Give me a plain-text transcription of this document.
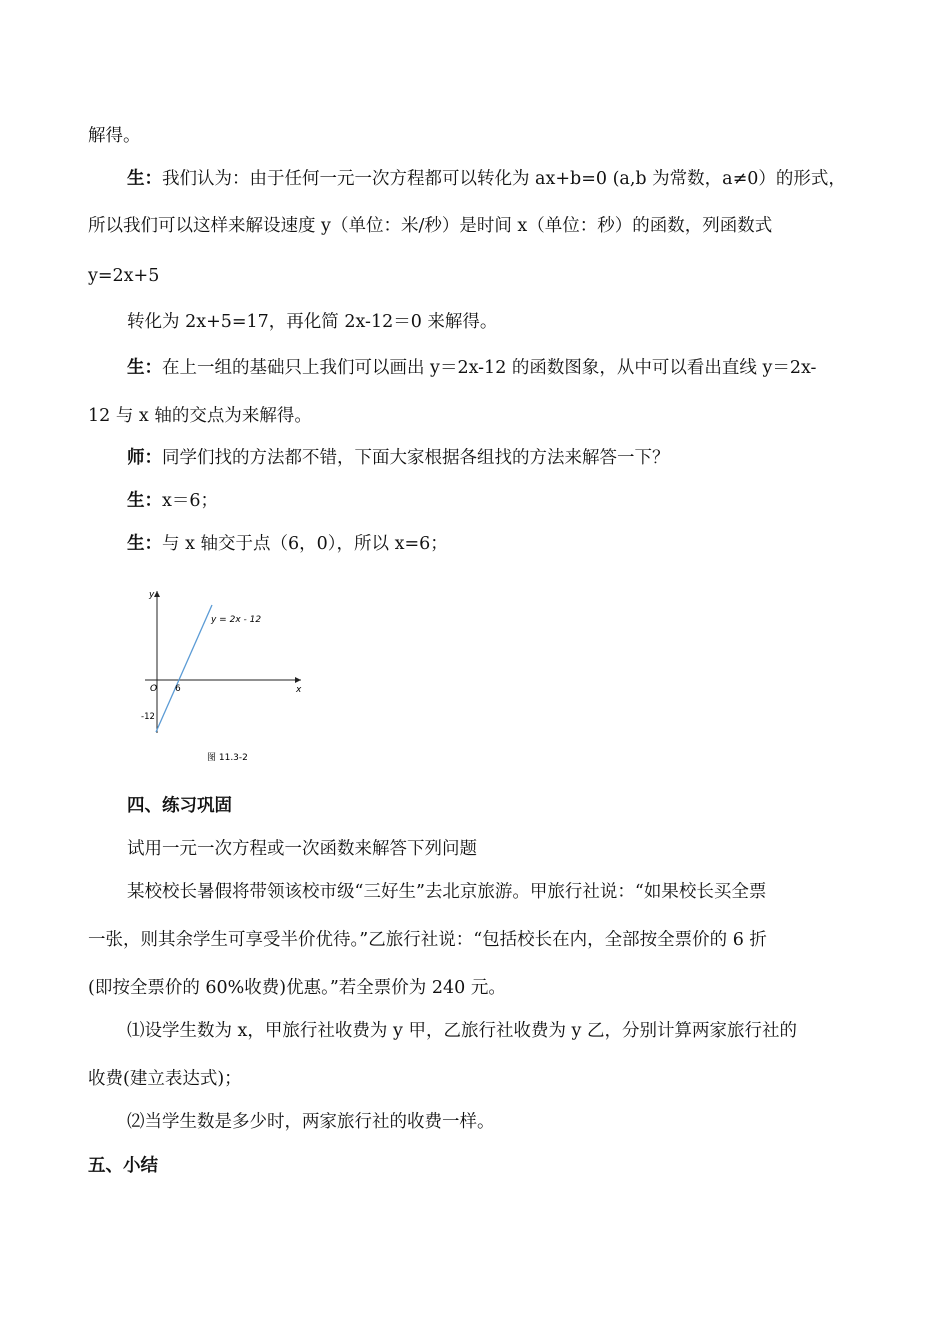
解得。
生：我们认为：由于任何一元一次方程都可以转化为 ax+b=0 (a,b 为常数，a≠0）的形式，
所以我们可以这样来解设速度 y（单位：米/秒）是时间 x（单位：秒）的函数，列函数式
y=2x+5
转化为 2x+5=17，再化简 2x-12＝0 来解得。
生：在上一组的基础只上我们可以画出 y＝2x-12 的函数图象，从中可以看出直线 y＝2x-
12 与 x 轴的交点为来解得。
师：同学们找的方法都不错，下面大家根据各组找的方法来解答一下？
生：x＝6；
生：与 x 轴交于点（6，0），所以 x=6；
y
x
O 6
-12
y = 2x - 12
图 11.3-2
四、练习巩固
试用一元一次方程或一次函数来解答下列问题
某校校长暑假将带领该校市级“三好生”去北京旅游。甲旅行社说：“如果校长买全票
一张，则其余学生可享受半价优待。”乙旅行社说：“包括校长在内，全部按全票价的 6 折
(即按全票价的 60%收费)优惠。”若全票价为 240 元。
⑴设学生数为 x，甲旅行社收费为 y 甲，乙旅行社收费为 y 乙，分别计算两家旅行社的
收费(建立表达式)；
⑵当学生数是多少时，两家旅行社的收费一样。
五、小结
